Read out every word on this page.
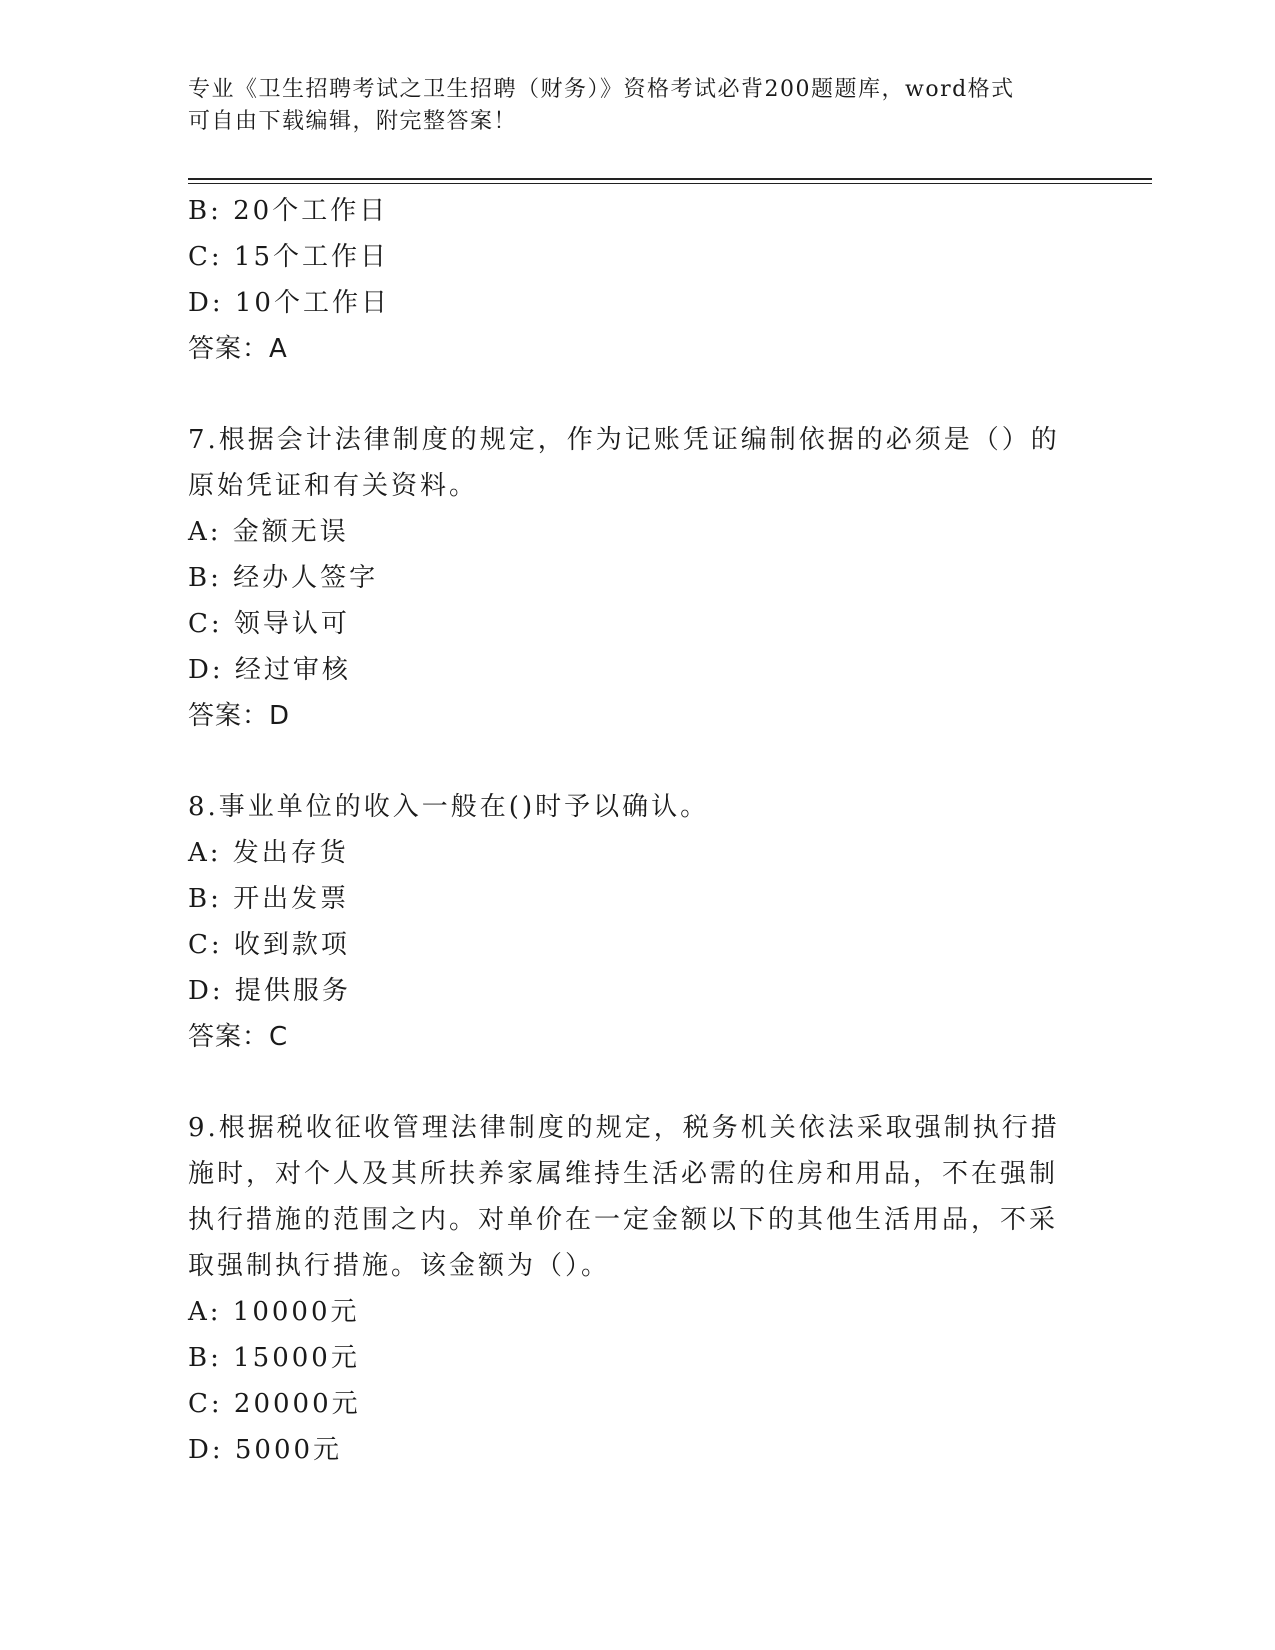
专业《卫生招聘考试之卫生招聘（财务）》资格考试必背200题题库，word格式
可自由下载编辑，附完整答案！
B: 20个工作日
C: 15个工作日
D: 10个工作日
答案：A
7.根据会计法律制度的规定，作为记账凭证编制依据的必须是（）的
原始凭证和有关资料。
A: 金额无误
B: 经办人签字
C: 领导认可
D: 经过审核
答案：D
8.事业单位的收入一般在()时予以确认。
A: 发出存货
B: 开出发票
C: 收到款项
D: 提供服务
答案：C
9.根据税收征收管理法律制度的规定，税务机关依法采取强制执行措
施时，对个人及其所扶养家属维持生活必需的住房和用品，不在强制
执行措施的范围之内。对单价在一定金额以下的其他生活用品，不采
取强制执行措施。该金额为（）。
A: 10000元
B: 15000元
C: 20000元
D: 5000元
